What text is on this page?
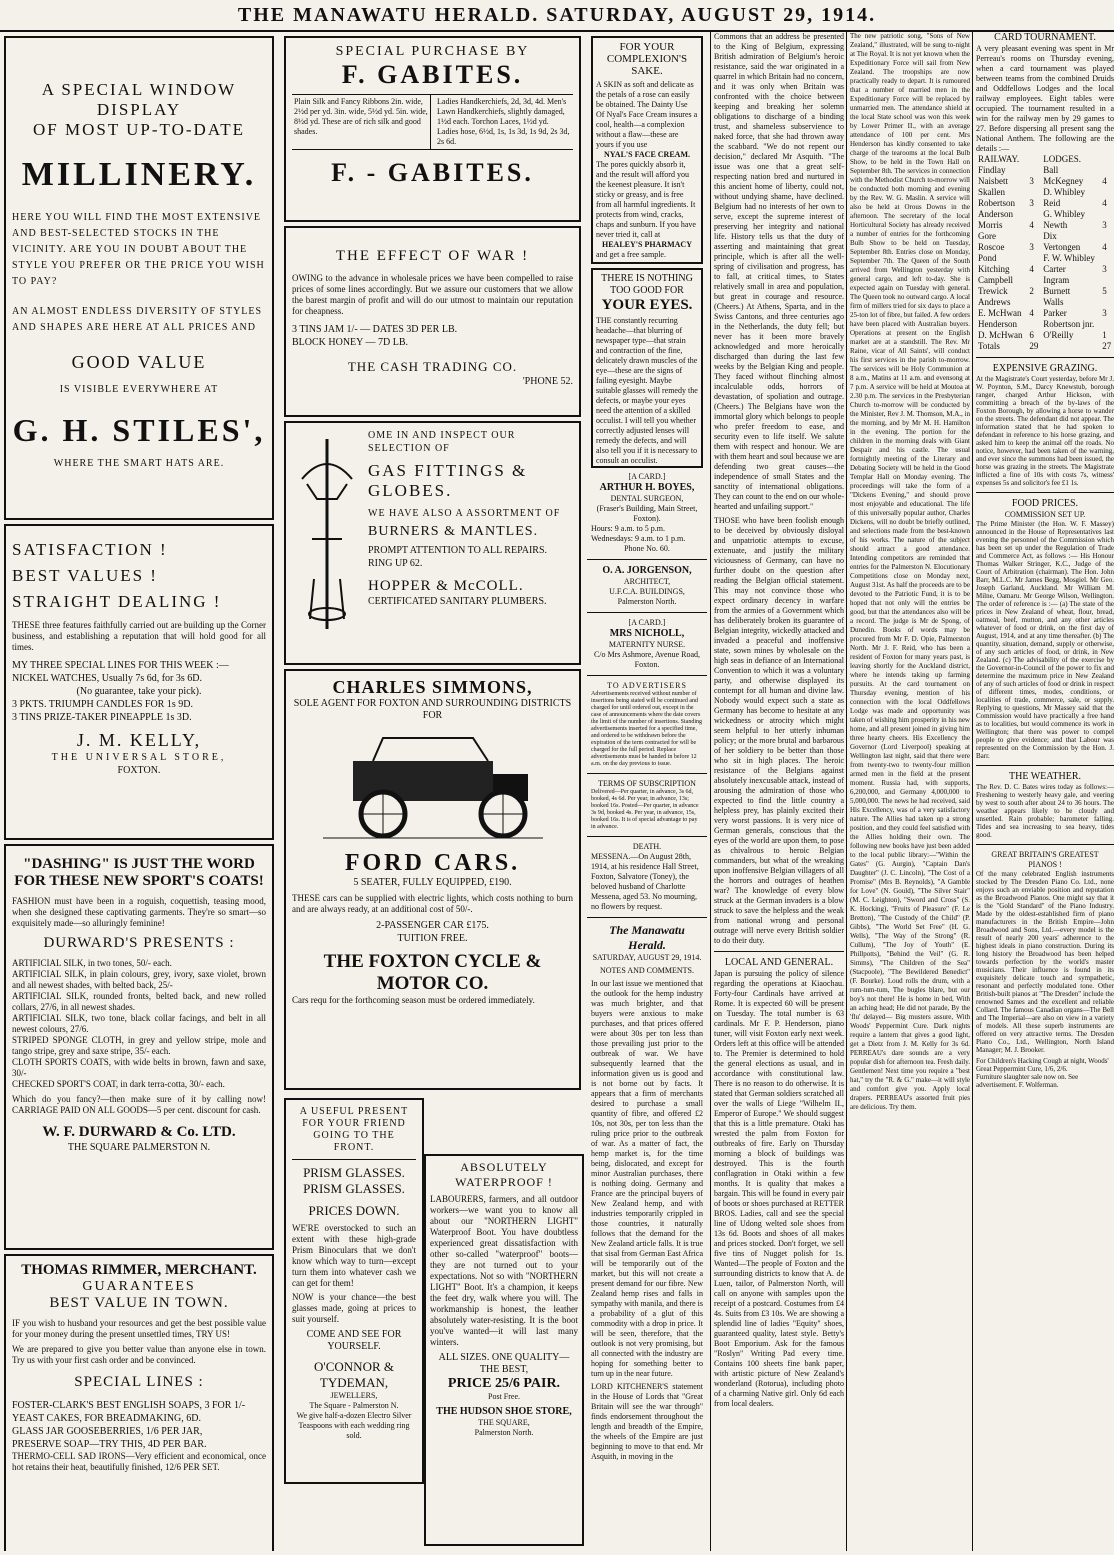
THE MANAWATU HERALD. SATURDAY, AUGUST 29, 1914.
A SPECIAL WINDOW DISPLAY
OF MOST UP-TO-DATE
MILLINERY.
HERE YOU WILL FIND THE MOST EXTENSIVE AND BEST-SELECTED STOCKS IN THE VICINITY. ARE YOU IN DOUBT ABOUT THE STYLE YOU PREFER OR THE PRICE YOU WISH TO PAY?
AN ALMOST ENDLESS DIVERSITY OF STYLES AND SHAPES ARE HERE AT ALL PRICES AND
GOOD VALUE
IS VISIBLE EVERYWHERE AT
G. H. STILES',
WHERE THE SMART HATS ARE.
SATISFACTION !
BEST VALUES !
STRAIGHT DEALING !
THESE three features faithfully carried out are building up the Corner business, and establishing a reputation that will hold good for all times.
MY THREE SPECIAL LINES FOR THIS WEEK :—
NICKEL WATCHES, Usually 7s 6d, for 3s 6D.
(No guarantee, take your pick).
3 PKTS. TRIUMPH CANDLES FOR 1s 9D.
3 TINS PRIZE-TAKER PINEAPPLE 1s 3D.
J. M. KELLY,
THE UNIVERSAL STORE,
FOXTON.
"DASHING" IS JUST THE WORD
FOR THESE NEW SPORT'S COATS!
FASHION must have been in a roguish, coquettish, teasing mood, when she designed these captivating garments. They're so smart—so exquisitely made—so alluringly feminine!
DURWARD'S PRESENTS :
ARTIFICIAL SILK, in two tones, 50/- each.
ARTIFICIAL SILK, in plain colours, grey, ivory, saxe violet, brown and all newest shades, with belted back, 25/-
ARTIFICIAL SILK, rounded fronts, belted back, and new rolled collars, 27/6, in all newest shades.
ARTIFICIAL SILK, two tone, black collar facings, and belt in all newest colours, 27/6.
STRIPED SPONGE CLOTH, in grey and yellow stripe, mole and tango stripe, grey and saxe stripe, 35/- each.
CLOTH SPORTS COATS, with wide belts in brown, fawn and saxe, 30/-
CHECKED SPORT'S COAT, in dark terra-cotta, 30/- each.
Which do you fancy?—then make sure of it by calling now! CARRIAGE PAID ON ALL GOODS—5 per cent. discount for cash.
W. F. DURWARD & Co. LTD.
THE SQUARE PALMERSTON N.
THOMAS RIMMER, MERCHANT.
GUARANTEES
BEST VALUE IN TOWN.
IF you wish to husband your resources and get the best possible value for your money during the present unsettled times, TRY US!
We are prepared to give you better value than anyone else in town. Try us with your first cash order and be convinced.
SPECIAL LINES :
FOSTER-CLARK'S BEST ENGLISH SOAPS, 3 FOR 1/-
YEAST CAKES, FOR BREADMAKING, 6D.
GLASS JAR GOOSEBERRIES, 1/6 PER JAR,
PRESERVE SOAP—TRY THIS, 4D PER BAR.
THERMO-CELL SAD IRONS—Very efficient and economical, once hot retains their heat, beautifully finished, 12/6 PER SET.
SPECIAL PURCHASE BY
F. GABITES.
Plain Silk and Fancy Ribbons 2in. wide, 2½d per yd. 3in. wide, 5½d yd. 5in. wide, 8½d yd. These are of rich silk and good shades.
Ladies Handkerchiefs, 2d, 3d, 4d. Men's Lawn Handkerchiefs, slightly damaged, 1½d each. Torchon Laces, 1½d yd. Ladies hose, 6½d, 1s, 1s 3d, 1s 9d, 2s 3d, 2s 6d.
F. - GABITES.
THE EFFECT OF WAR !
OWING to the advance in wholesale prices we have been compelled to raise prices of some lines accordingly. But we assure our customers that we allow the barest margin of profit and will do our utmost to maintain our reputation for cheapness.
3 TINS JAM 1/- — DATES 3D PER LB.
BLOCK HONEY — 7D LB.
THE CASH TRADING CO.
'PHONE 52.
OME IN AND INSPECT OUR SELECTION OF
GAS FITTINGS & GLOBES.
WE HAVE ALSO A ASSORTMENT OF
BURNERS & MANTLES.
PROMPT ATTENTION TO ALL REPAIRS.
RING UP 62.
HOPPER & McCOLL.
CERTIFICATED SANITARY PLUMBERS.
CHARLES SIMMONS,
SOLE AGENT FOR FOXTON AND SURROUNDING DISTRICTS FOR
FORD CARS.
5 SEATER, FULLY EQUIPPED, £190.
THESE cars can be supplied with electric lights, which costs nothing to burn and are always ready, at an additional cost of 50/-.
2-PASSENGER CAR £175.
TUITION FREE.
THE FOXTON CYCLE & MOTOR CO.
Cars requ for the forthcoming season must be ordered immediately.
A USEFUL PRESENT FOR YOUR FRIEND GOING TO THE FRONT.
PRISM GLASSES.
PRISM GLASSES.
PRICES DOWN.
WE'RE overstocked to such an extent with these high-grade Prism Binoculars that we don't know which way to turn—except turn them into whatever cash we can get for them!
NOW is your chance—the best glasses made, going at prices to suit yourself.
COME AND SEE FOR YOURSELF.
O'CONNOR & TYDEMAN,
JEWELLERS,
The Square - Palmerston N.
We give half-a-dozen Electro Silver Teaspoons with each wedding ring sold.
FOR YOUR COMPLEXION'S SAKE.
A SKIN as soft and delicate as the petals of a rose can easily be obtained. The Dainty Use Of Nyal's Face Cream insures a cool, health—a complexion without a flaw—these are yours if you use
NYAL'S FACE CREAM.
The pores quickly absorb it, and the result will afford you the keenest pleasure. It isn't sticky or greasy, and is free from all harmful ingredients. It protects from wind, cracks, chaps and sunburn. If you have never tried it, call at
HEALEY'S PHARMACY
and get a free sample.
THERE IS NOTHING TOO GOOD FOR
YOUR EYES.
THE constantly recurring headache—that blurring of newspaper type—that strain and contraction of the fine, delicately drawn muscles of the eye—these are the signs of failing eyesight. Maybe suitable glasses will remedy the defects, or maybe your eyes need the attention of a skilled occulist. I will tell you whether correctly adjusted lenses will remedy the defects, and will also tell you if it is necessary to consult an occulist.
[A CARD.]
ARTHUR H. BOYES,
DENTAL SURGEON,
(Fraser's Building, Main Street, Foxton).
Hours: 9 a.m. to 5 p.m. Wednesdays: 9 a.m. to 1 p.m.
Phone No. 60.
O. A. JORGENSON,
ARCHITECT,
U.F.C.A. BUILDINGS, Palmerston North.
[A CARD.]
MRS NICHOLL,
MATERNITY NURSE.
C/o Mrs Ashmore, Avenue Road, Foxton.
TO ADVERTISERS
Advertisements received without number of insertions being stated will be continued and charged for until ordered out, except in the case of announcements where the date covers the limit of the number of insertions. Standing advertisements inserted for a specified time, and ordered to be withdrawn before the expiration of the term contracted for will be charged for the full period. Replace advertisements must be handed in before 12 a.m. on the day previous to issue.
TERMS OF SUBSCRIPTION
Delivered—Per quarter, in advance, 3s 6d, booked, 4s 6d. Per year, in advance, 13s; booked 16s. Posted—Per quarter, in advance 3s 9d, booked 4s. Per year, in advance, 15s, booked 16s. It is of special advantage to pay in advance.
DEATH.
MESSENA.—On August 28th, 1914, at his residence Hall Street, Foxton, Salvatore (Toney), the beloved husband of Charlotte Messena, aged 53. No mourning, no flowers by request.
The Manawatu Herald.
SATURDAY, AUGUST 29, 1914.
NOTES AND COMMENTS.
In our last issue we mentioned that the outlook for the hemp industry was much brighter, and that buyers were anxious to make purchases, and that prices offered were about 30s per ton less than those prevailing just prior to the outbreak of war. We have subsequently learned that the information given us is good and is not borne out by facts. It appears that a firm of merchants desired to purchase a small quantity of fibre, and offered £2 10s, not 30s, per ton less than the ruling price prior to the outbreak of war. As a matter of fact, the hemp market is, for the time being, dislocated, and except for minor Australian purchases, there is nothing doing. Germany and France are the principal buyers of New Zealand hemp, and with industries temporarily crippled in those countries, it naturally follows that the demand for the New Zealand article falls. It is true that sisal from German East Africa will be temporarily out of the market, but this will not create a present demand for our fibre. New Zealand hemp rises and falls in sympathy with manila, and there is a probability of a glut of this commodity with a drop in price. It will be seen, therefore, that the outlook is not very promising, but all connected with the industry are hoping for something better to turn up in the near future.
LORD KITCHENER'S statement in the House of Lords that "Great Britain will see the war through" finds endorsement throughout the length and breadth of the Empire, the wheels of the Empire are just beginning to move to that end. Mr Asquith, in moving in the
ABSOLUTELY
WATERPROOF !
LABOURERS, farmers, and all outdoor workers—we want you to know all about our "NORTHERN LIGHT" Waterproof Boot. You have doubtless experienced great dissatisfaction with other so-called "waterproof" boots—they are not turned out to your expectations. Not so with "NORTHERN LIGHT" Boot. It's a champion, it keeps the feet dry, walk where you will. The workmanship is honest, the leather absolutely water-resisting. It is the boot you've wanted—it will last many winters.
ALL SIZES. ONE QUALITY—THE BEST,
PRICE 25/6 PAIR.
Post Free.
THE HUDSON SHOE STORE,
THE SQUARE,
Palmerston North.
Commons that an address be presented to the King of Belgium, expressing British admiration of Belgium's heroic resistance, said the war originated in a quarrel in which Britain had no concern, and it was only when Britain was confronted with the choice between keeping and breaking her solemn obligations to discharge of a binding trust, and shameless subservience to naked force, that she had thrown away the scabbard. "We do not repent our decision," declared Mr Asquith. "The issue was one that a great self-respecting nation bred and nurtured in this ancient home of liberty, could not, without undying shame, have declined. Belgium had no interests of her own to serve, except the supreme interest of preserving her integrity and national life. History tells us that the duty of asserting and maintaining that great principle, which is after all the well-spring of civilisation and progress, has to fall, at critical times, to States relatively small in area and population, but great in courage and resource. (Cheers.) At Athens, Sparta, and in the Swiss Cantons, and three centuries ago in the Netherlands, the duty fell; but never has it been more bravely acknowledged and more heroically discharged than during the last few weeks by the Belgian King and people. They faced without flinching almost incalculable odds, horrors of devastation, of spoliation and outrage. (Cheers.) The Belgians have won the immortal glory which belongs to people who prefer freedom to ease, and security even to life itself. We salute them with respect and honour. We are with them heart and soul because we are defending two great causes—the independence of small States and the sanctity of international obligations. They can count to the end on our whole-hearted and unfailing support."
THOSE who have been foolish enough to be deceived by obviously disloyal and unpatriotic attempts to excuse, extenuate, and justify the military viciousness of Germany, can have no further doubt on the question after reading the Belgian official statement. This may not convince those who expect ordinary decency in warfare from the armies of a Government which has deliberately broken its guarantee of Belgian integrity, wickedly attacked and invaded a peaceful and inoffensive state, sown mines by wholesale on the high seas in defiance of an International Convention to which it was a voluntary party, and otherwise displayed its contempt for all human and divine law. Nobody would expect such a state as Germany has become to hesitate at any wickedness or atrocity which might seem helpful to her utterly inhuman policy; or the more brutal and barbarous of her soldiery to be better than those who sit in high places. The heroic resistance of the Belgians against absolutely inexcusable attack, instead of arousing the admiration of those who expected to find the little country a helpless prey, has plainly excited their very worst passions. It is very nice of German generals, conscious that the eyes of the world are upon them, to pose as chivalrous to heroic Belgian commanders, but what of the wreaking upon inoffensive Belgian villagers of all the horrors and outrages of heathen war? The knowledge of every blow struck at the German invaders is a blow struck to save the helpless and the weak from national wrong and personal outrage will nerve every British soldier to do their duty.
LOCAL AND GENERAL.
Japan is pursuing the policy of silence regarding the operations at Kiaochau. Forty-four Cardinals have arrived at Rome. It is expected 60 will be present on Tuesday. The total number is 63 cardinals. Mr F. P. Henderson, piano tuner, will visit Foxton early next week. Orders left at this office will be attended to. The Premier is determined to hold the general elections as usual, and in accordance with constitutional law. There is no reason to do otherwise. It is stated that German soldiers scratched all over the walls of Liege "Wilhelm II., Emperor of Europe." We should suggest that this is a little premature. Otaki has wrested the palm from Foxton for outbreaks of fire. Early on Thursday morning a block of buildings was destroyed. This is the fourth conflagration in Otaki within a few months. It is quality that makes a bargain. This will be found in every pair of boots or shoes purchased at RETTER BROS. Ladies, call and see the special line of Udong welted sole shoes from 13s 6d. Boots and shoes of all makes and prices stocked. Don't forget, we sell five tins of Nugget polish for 1s. Wanted—The people of Foxton and the surrounding districts to know that A. de Luen, tailor, of Palmerston North, will call on anyone with samples upon the receipt of a postcard. Costumes from £4 4s. Suits from £3 10s. We are showing a splendid line of ladies "Equity" shoes, guaranteed quality, latest style. Betty's Boot Emporium. Ask for the famous "Roslyn" Writing Pad every time. Contains 100 sheets fine bank paper, with artistic picture of New Zealand's wonderland (Rotorua), including photo of a charming Native girl. Only 6d each from local dealers.
The new patriotic song, "Sons of New Zealand," illustrated, will be sung to-night at The Royal. It is not yet known when the Expeditionary Force will sail from New Zealand. The troopships are now practically ready to depart. It is rumoured that a number of married men in the Expeditionary Force will be replaced by unmarried men. The attendance shield at the local State school was won this week by Lower Primer II., with an average attendance of 100 per cent. Mrs Henderson has kindly consented to take charge of the tearooms at the local Bulb Show, to be held in the Town Hall on September 8th. The services in connection with the Methodist Church to-morrow will be conducted both morning and evening by the Rev. W. G. Maslin. A service will also be held at Orous Downs in the afternoon. The secretary of the local Horticultural Society has already received a number of entries for the forthcoming Bulb Show to be held on Tuesday, September 8th. Entries close on Monday, September 7th. The Queen of the South arrived from Wellington yesterday with general cargo, and left to-day. She is expected again on Tuesday with general. The Queen took no outward cargo. A local firm of millers tried for six days to place a 25-ton lot of fibre, but failed. A few orders have been placed with Australian buyers. Operations at present on the English market are at a standstill. The Rev. Mr Raine, vicar of All Saints', will conduct his first services in the parish to-morrow. The services will be Holy Communion at 8 a.m., Matins at 11 a.m. and evensong at 7 p.m. A service will be held at Moutoa at 2.30 p.m. The services in the Presbyterian Church to-morrow will be conducted by the Minister, Rev J. M. Thomson, M.A., in the morning, and by Mr M. H. Hamilton in the evening. The portion for the children in the morning deals with Giant Despair and his castle. The usual fortnightly meeting of the Literary and Debating Society will be held in the Good Templar Hall on Monday evening. The proceedings will take the form of a "Dickens Evening," and should prove most enjoyable and educational. The life of this universally popular author, Charles Dickens, will no doubt be briefly outlined, and selections made from the best-known of his works. The nature of the subject should attract a good attendance. Intending competitors are reminded that entries for the Palmerston N. Elocutionary Competitions close on Monday next, August 31st. As half the proceeds are to be devoted to the Patriotic Fund, it is to be hoped that not only will the entries be good, but that the attendances also will be a record. The judge is Mr de Spong, of Dunedin. Books of words may be procured from Mr F. D. Opie, Palmerston North. Mr J. F. Reid, who has been a resident of Foxton for many years past, is leaving shortly for the Auckland district, where he intends taking up farming pursuits. At the card tournament on Thursday evening, mention of his connection with the local Oddfellows Lodge was made and opportunity was taken of wishing him prosperity in his new home, and all present joined in giving him three hearty cheers. His Excellency the Governor (Lord Liverpool) speaking at Wellington last night, said that there were from twenty-two to twenty-four million armed men in the field at the present moment. Russia had, with supports, 6,200,000, and Germany 4,000,000 to 5,000,000. The news he had received, said His Excellency, was of a very satisfactory nature. The Allies had taken up a strong position, and they could feel satisfied with the Allies holding their own. The following new books have just been added to the local public library:—"Within the Gates" (G. Aurgin), "Captain Dan's Daughter" (J. C. Lincoln), "The Cost of a Promise" (Mrs B. Reynolds), "A Gamble for Love" (N. Gould), "The Silver Stair" (M. C. Leighton), "Sword and Cross" (S. K. Hocking), "Fruits of Pleasure" (F. Le Bretton), "The Custody of the Child" (P. Gibbs), "The World Set Free" (H. G. Wells), "The Way of the Strong" (R. Cullum), "The Joy of Youth" (E. Phillpotts), "Behind the Veil" (G. R. Simms), "The Children of the Sea" (Stacpoole), "The Bewildered Benedict" (F. Bourke). Loud rolls the drum, with a rum-tum-tum, The bugles blare, but our boy's not there! He is home in bed, With an aching head; He did not parade, By the 'flu' delayed— Big musters assure, With Woods' Peppermint Cure. Dark nights require a lantern that gives a good light, get a Dietz from J. M. Kelly for 3s 6d. PERREAU's dare sounds are a very popular dish for afternoon tea. Fresh daily. Gentlemen! Next time you require a "best hat," try the "R. & G." make—it will style and comfort give you. Apply local drapers. PERREAU's assorted fruit pies are delicious. Try them.
CARD TOURNAMENT.
A very pleasant evening was spent in Mr Perreau's rooms on Thursday evening, when a card tournament was played between teams from the combined Druids and Oddfellows Lodges and the local railway employees. Eight tables were occupied. The tournament resulted in a win for the railway men by 29 games to 27. Before dispersing all present sang the National Anthem. The following are the details :—
RAILWAY.		LODGES.	
Findlay		Ball	
Naisbett	3	McKegney	4
Skallen		D. Whibley	
Robertson	3	Reid	4
Anderson		G. Whibley	
Morris	4	Newth	3
Gore		Dix	
Roscoe	3	Vertongen	4
Pond		F. W. Whibley	
Kitching	4	Carter	3
Campbell		Ingram	
Trewick	2	Burnett	5
Andrews		Walls	
E. McHwan	4	Parker	3
Henderson		Robertson jnr.	
D. McHwan	6	O'Reilly	1
Totals	29		27
EXPENSIVE GRAZING.
At the Magistrate's Court yesterday, before Mr J. W. Poynton, S.M., Darcy Knewstub, borough ranger, charged Arthur Hickson, with committing a breach of the by-laws of the Foxton Borough, by allowing a horse to wander on the streets. The defendant did not appear. The information stated that he had spoken to defendant in reference to his horse grazing, and asked him to keep the animal off the roads. No notice, however, had been taken of the warning, and ever since the summons had been issued, the horse was grazing in the streets. The Magistrate inflicted a fine of 10s with costs 7s, witness' expenses 5s and solicitor's fee £1 1s.
FOOD PRICES.
COMMISSION SET UP.
The Prime Minister (the Hon. W. F. Massey) announced in the House of Representatives last evening the personnel of the Commission which has been set up under the Regulation of Trade and Commerce Act, as follows :— His Honour Thomas Walker Stringer, K.C., Judge of the Court of Arbitration (chairman). The Hon. John Barr, M.L.C. Mr James Begg, Mosgiel. Mr Geo. Joseph Garland, Auckland. Mr William M. Milne, Oamaru. Mr George Wilson, Wellington. The order of reference is :— (a) The state of the prices in New Zealand of wheat, flour, bread, oatmeal, beef, mutton, and any other articles whatever of food or drink, on the first day of August, 1914, and at any time thereafter. (b) The quantity, situation, demand, supply or otherwise, of any such articles of food, or drink, in New Zealand. (c) The advisability of the exercise by the Governor-in-Council of the power to fix and determine the maximum price in New Zealand of any of such articles of food or drink in respect of different times, modes, conditions, or localities of trade, commerce, sale, or supply. Replying to questions, Mr Massey said that the Commission would have practically a free hand as to localities, but would commence its work in Wellington; that there was power to compel people to give evidence; and that Labour was represented on the Commission by the Hon. J. Barr.
THE WEATHER.
The Rev. D. C. Bates wires today as follows:— Freshening to westerly heavy gale, and veering by west to south after about 24 to 36 hours. The weather appears likely to be cloudy and unsettled. Rain probable; barometer falling. Tides and sea increasing to sea heavy, tides good.
GREAT BRITAIN'S GREATEST PIANOS !
Of the many celebrated English instruments stocked by The Dresden Piano Co. Ltd., none enjoys such an enviable position and reputation as the Broadwood Pianos. One might say that it is the "Gold Standard" of the Piano Industry. Made by the oldest-established firm of piano manufacturers in the British Empire—John Broadwood and Sons, Ltd.—every model is the result of nearly 200 years' adherence to the highest ideals in piano construction. During its long history the Broadwood has been helped towards perfection by the world's master musicians. Their influence is found in its exquisitely delicate touch and sympathetic, resonant and perfectly modulated tone. Other British-built pianos at "The Dresden" include the renowned Sames and the excellent and reliable Collard. The famous Canadian organs—The Bell and The Imperial—are also on view in a variety of models. All these superb instruments are offered on very attractive terms. The Dresden Piano Co., Ltd., Wellington, North Island Manager; M. J. Brooker.
For Children's Hacking Cough at night, Woods' Great Peppermint Cure, 1/6, 2/6.
Furniture slaughter sale now on. See advertisement. F. Wolferman.
